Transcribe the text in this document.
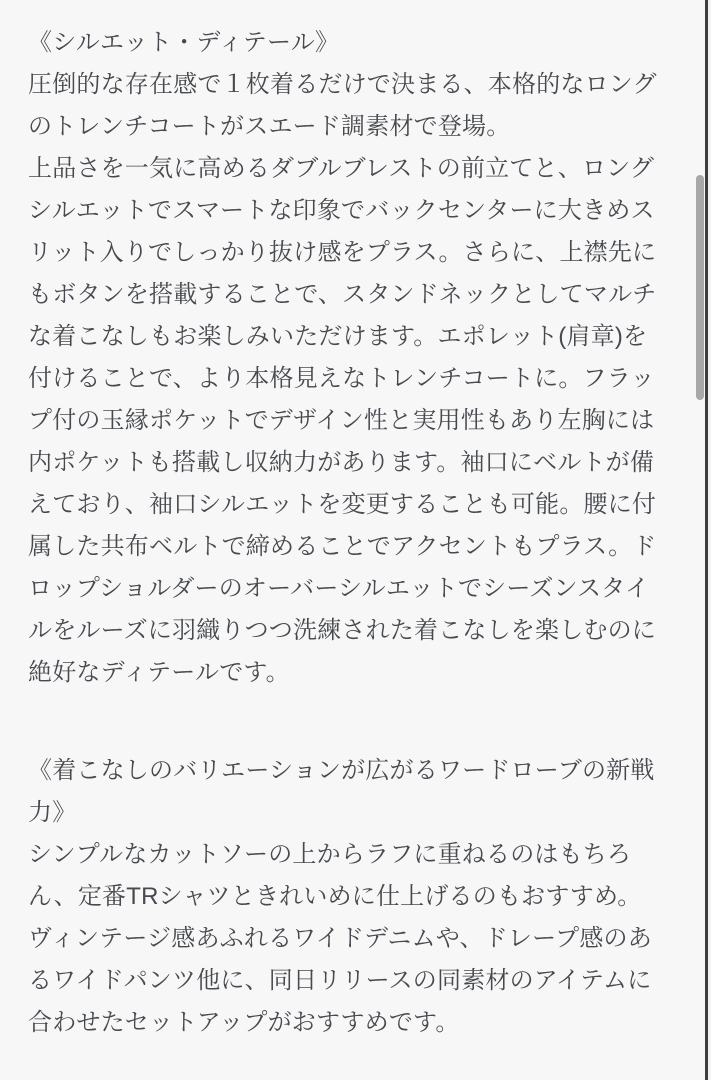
《シルエット・ディテール》
圧倒的な存在感で１枚着るだけで決まる、本格的なロング
のトレンチコートがスエード調素材で登場。
上品さを一気に高めるダブルブレストの前立てと、ロング
シルエットでスマートな印象でバックセンターに大きめス
リット入りでしっかり抜け感をプラス。さらに、上襟先に
もボタンを搭載することで、スタンドネックとしてマルチ
な着こなしもお楽しみいただけます。エポレット(肩章)を
付けることで、より本格見えなトレンチコートに。フラッ
プ付の玉縁ポケットでデザイン性と実用性もあり左胸には
内ポケットも搭載し収納力があります。袖口にベルトが備
えており、袖口シルエットを変更することも可能。腰に付
属した共布ベルトで締めることでアクセントもプラス。ド
ロップショルダーのオーバーシルエットでシーズンスタイ
ルをルーズに羽織りつつ洗練された着こなしを楽しむのに
絶好なディテールです。
《着こなしのバリエーションが広がるワードローブの新戦
力》
シンプルなカットソーの上からラフに重ねるのはもちろ
ん、定番TRシャツときれいめに仕上げるのもおすすめ。
ヴィンテージ感あふれるワイドデニムや、ドレープ感のあ
るワイドパンツ他に、同日リリースの同素材のアイテムに
合わせたセットアップがおすすめです。
